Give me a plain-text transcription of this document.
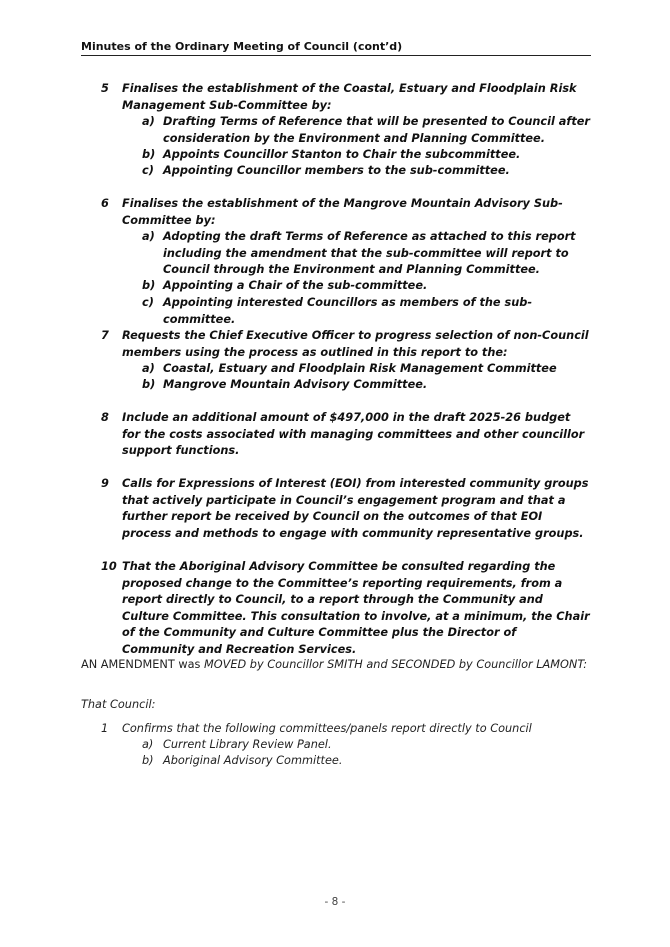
Minutes of the Ordinary Meeting of Council (cont’d)
5 Finalises the establishment of the Coastal, Estuary and Floodplain Risk Management Sub-Committee by:
a) Drafting Terms of Reference that will be presented to Council after consideration by the Environment and Planning Committee.
b) Appoints Councillor Stanton to Chair the subcommittee.
c) Appointing Councillor members to the sub-committee.
6 Finalises the establishment of the Mangrove Mountain Advisory Sub-Committee by:
a) Adopting the draft Terms of Reference as attached to this report including the amendment that the sub-committee will report to Council through the Environment and Planning Committee.
b) Appointing a Chair of the sub-committee.
c) Appointing interested Councillors as members of the sub-committee.
7 Requests the Chief Executive Officer to progress selection of non-Council members using the process as outlined in this report to the:
a) Coastal, Estuary and Floodplain Risk Management Committee
b) Mangrove Mountain Advisory Committee.
8 Include an additional amount of $497,000 in the draft 2025-26 budget for the costs associated with managing committees and other councillor support functions.
9 Calls for Expressions of Interest (EOI) from interested community groups that actively participate in Council’s engagement program and that a further report be received by Council on the outcomes of that EOI process and methods to engage with community representative groups.
10 That the Aboriginal Advisory Committee be consulted regarding the proposed change to the Committee’s reporting requirements, from a report directly to Council, to a report through the Community and Culture Committee. This consultation to involve, at a minimum, the Chair of the Community and Culture Committee plus the Director of Community and Recreation Services.
AN AMENDMENT was MOVED by Councillor SMITH and SECONDED by Councillor LAMONT:
That Council:
1 Confirms that the following committees/panels report directly to Council
a) Current Library Review Panel.
b) Aboriginal Advisory Committee.
- 8 -
